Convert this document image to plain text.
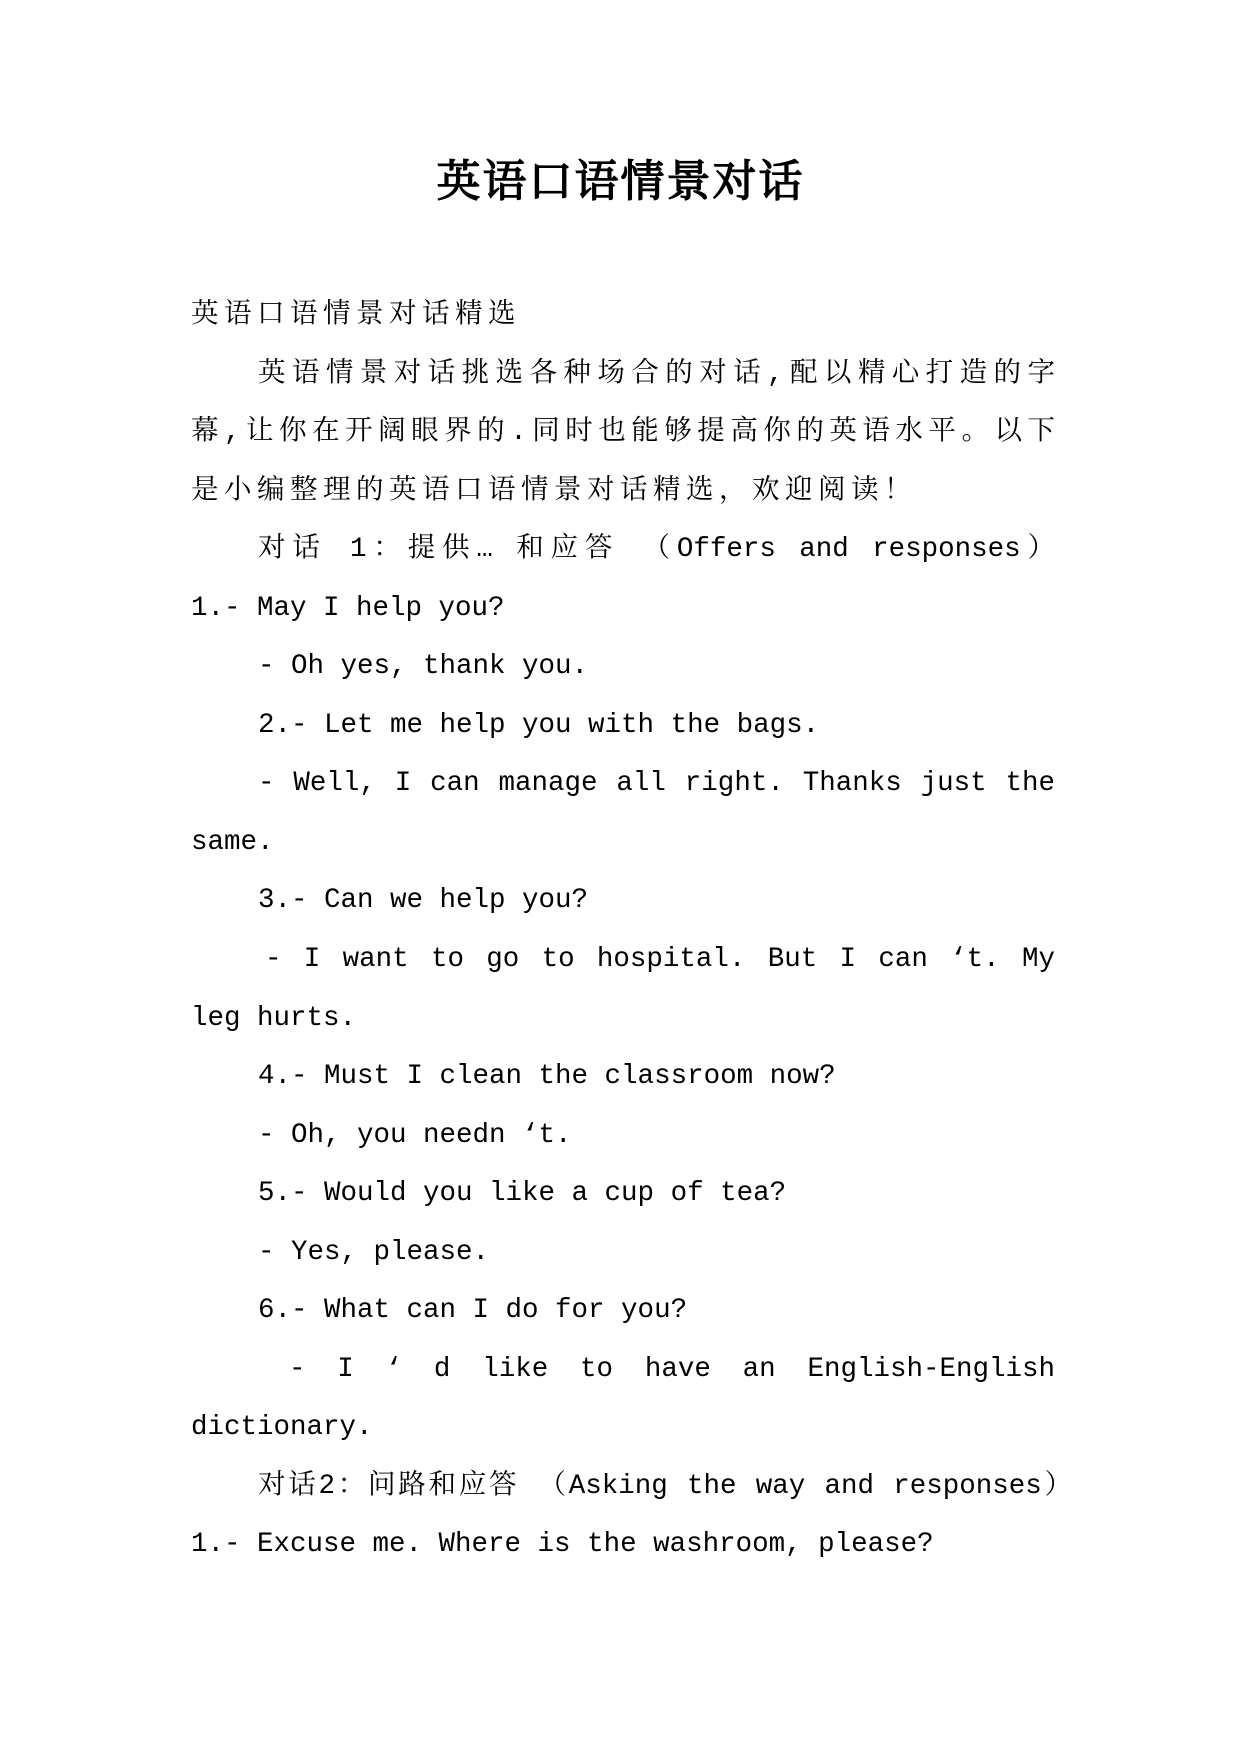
英语口语情景对话
英语口语情景对话精选
英语情景对话挑选各种场合的对话,配以精心打造的字
幕,让你在开阔眼界的.同时也能够提高你的英语水平。以下
是小编整理的英语口语情景对话精选，欢迎阅读！
对话 1：提供… 和应答 （Offers and responses）
1.- May I help you?
- Oh yes, thank you.
2.- Let me help you with the bags.
- Well, I can manage all right. Thanks just the
same.
3.- Can we help you?
- I want to go to hospital. But I can ‘t. My
leg hurts.
4.- Must I clean the classroom now?
- Oh, you needn ‘t.
5.- Would you like a cup of tea?
- Yes, please.
6.- What can I do for you?
- I ‘ d like to have an English-English
dictionary.
对话2：问路和应答 （Asking the way and responses）
1.- Excuse me. Where is the washroom, please?
